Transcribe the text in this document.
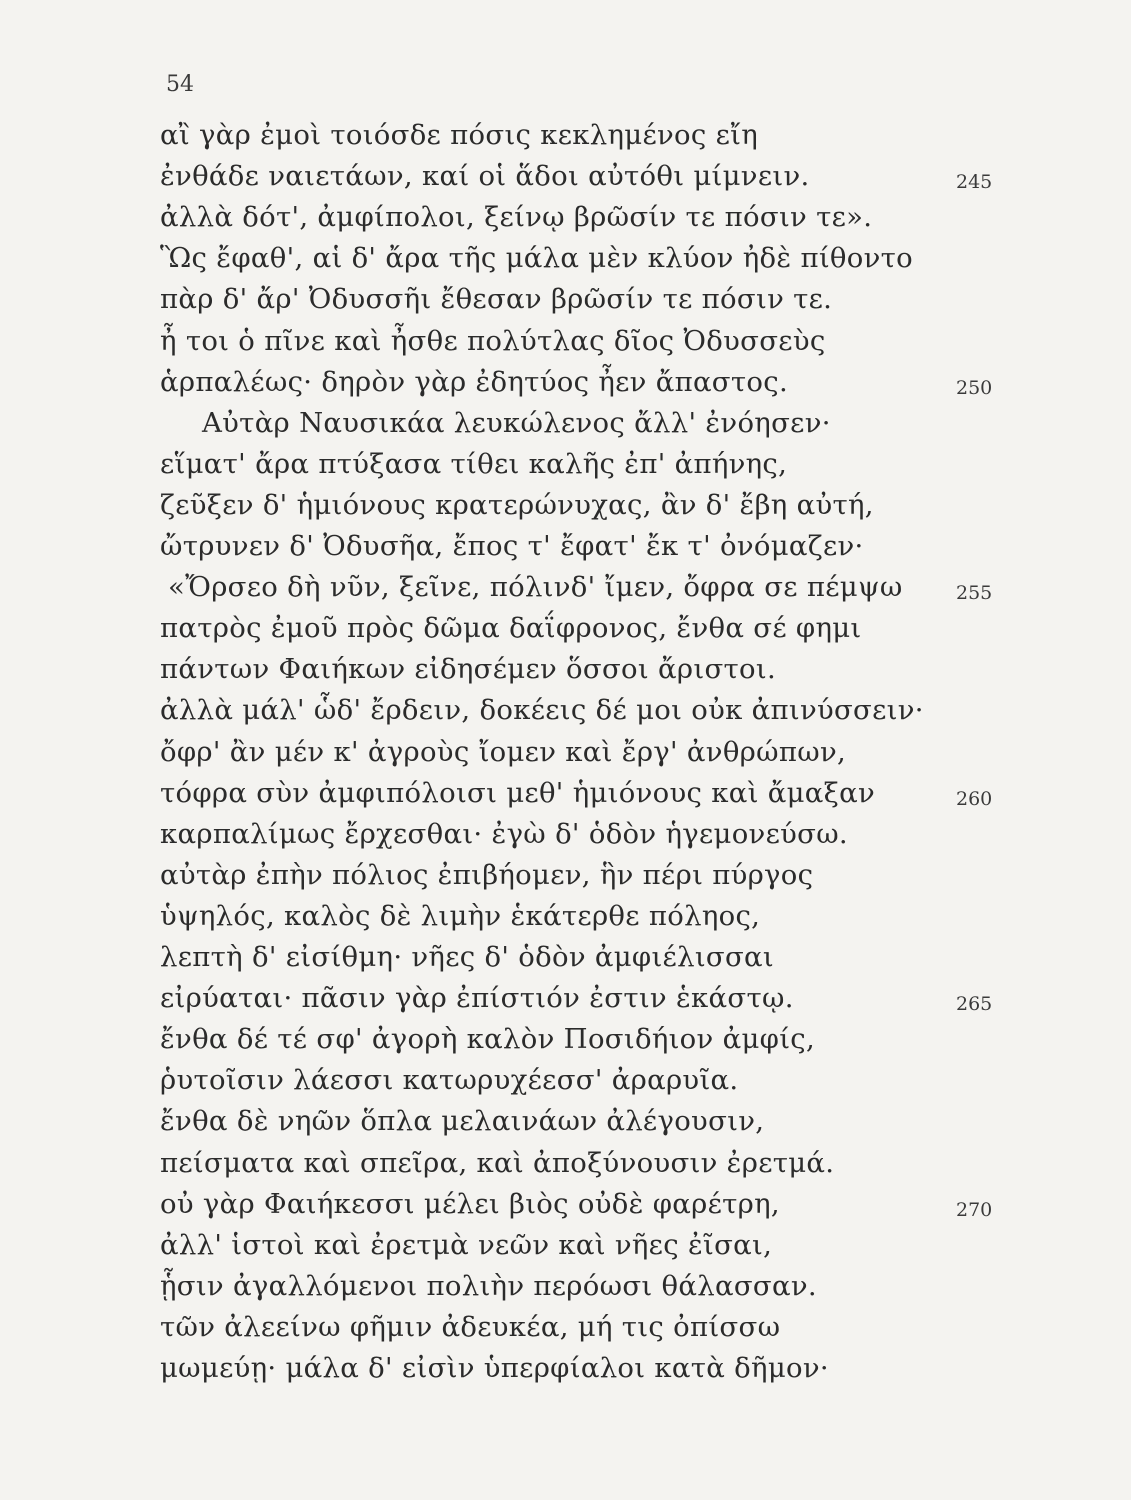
54
αἲ γὰρ ἐμοὶ τοιόσδε πόσις κεκλημένος εἴη
ἐνθάδε ναιετάων, καί οἱ ἅδοι αὐτόθι μίμνειν.	245
ἀλλὰ δότ', ἀμφίπολοι, ξείνῳ βρῶσίν τε πόσιν τε».
Ὣς ἔφαθ', αἱ δ' ἄρα τῆς μάλα μὲν κλύον ἠδὲ πίθοντο
πὰρ δ' ἄρ' Ὀδυσσῆι ἔθεσαν βρῶσίν τε πόσιν τε.
ἦ τοι ὁ πῖνε καὶ ἦσθε πολύτλας δῖος Ὀδυσσεὺς
ἁρπαλέως· δηρὸν γὰρ ἐδητύος ἦεν ἄπαστος.	250
Αὐτὰρ Ναυσικάα λευκώλενος ἄλλ' ἐνόησεν·
εἵματ' ἄρα πτύξασα τίθει καλῆς ἐπ' ἀπήνης,
ζεῦξεν δ' ἡμιόνους κρατερώνυχας, ἂν δ' ἔβη αὐτή,
ὤτρυνεν δ' Ὀδυσῆα, ἔπος τ' ἔφατ' ἔκ τ' ὀνόμαζεν·
«Ὄρσεο δὴ νῦν, ξεῖνε, πόλινδ' ἴμεν, ὄφρα σε πέμψω	255
πατρὸς ἐμοῦ πρὸς δῶμα δαΐφρονος, ἔνθα σέ φημι
πάντων Φαιήκων εἰδησέμεν ὅσσοι ἄριστοι.
ἀλλὰ μάλ' ὧδ' ἔρδειν, δοκέεις δέ μοι οὐκ ἀπινύσσειν·
ὄφρ' ἂν μέν κ' ἀγροὺς ἴομεν καὶ ἔργ' ἀνθρώπων,
τόφρα σὺν ἀμφιπόλοισι μεθ' ἡμιόνους καὶ ἄμαξαν	260
καρπαλίμως ἔρχεσθαι· ἐγὼ δ' ὁδὸν ἡγεμονεύσω.
αὐτὰρ ἐπὴν πόλιος ἐπιβήομεν, ἣν πέρι πύργος
ὑψηλός, καλὸς δὲ λιμὴν ἑκάτερθε πόληος,
λεπτὴ δ' εἰσίθμη· νῆες δ' ὁδὸν ἀμφιέλισσαι
εἰρύαται· πᾶσιν γὰρ ἐπίστιόν ἐστιν ἑκάστῳ.	265
ἔνθα δέ τέ σφ' ἀγορὴ καλὸν Ποσιδήιον ἀμφίς,
ῥυτοῖσιν λάεσσι κατωρυχέεσσ' ἀραρυῖα.
ἔνθα δὲ νηῶν ὅπλα μελαινάων ἀλέγουσιν,
πείσματα καὶ σπεῖρα, καὶ ἀποξύνουσιν ἐρετμά.
οὐ γὰρ Φαιήκεσσι μέλει βιὸς οὐδὲ φαρέτρη,	270
ἀλλ' ἱστοὶ καὶ ἐρετμὰ νεῶν καὶ νῆες ἐῖσαι,
ᾗσιν ἀγαλλόμενοι πολιὴν περόωσι θάλασσαν.
τῶν ἀλεείνω φῆμιν ἀδευκέα, μή τις ὀπίσσω
μωμεύῃ· μάλα δ' εἰσὶν ὑπερφίαλοι κατὰ δῆμον·
